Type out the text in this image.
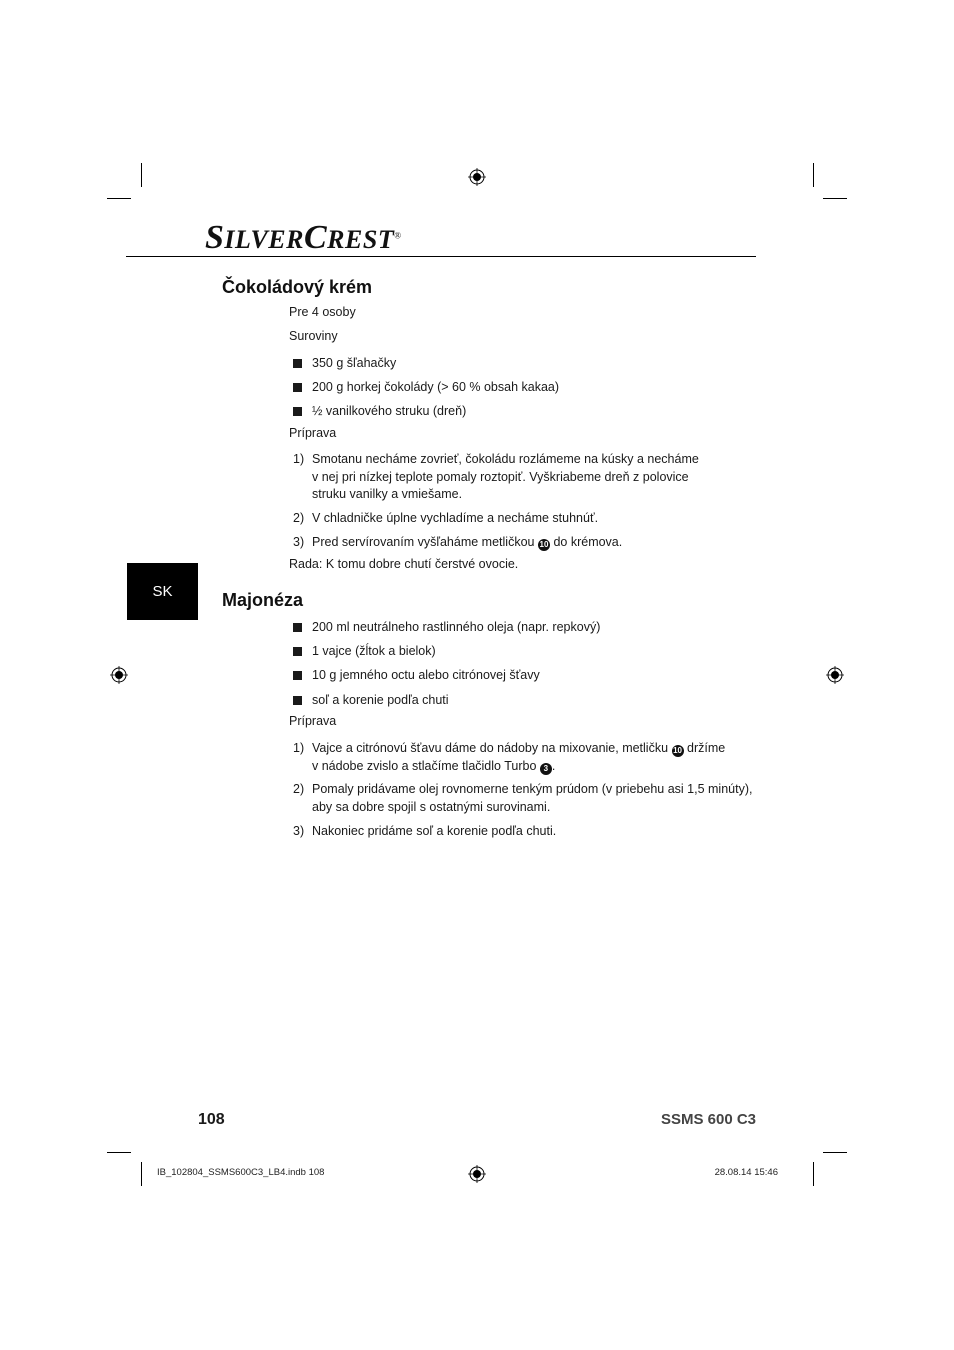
SILVERCREST®
SK
Čokoládový krém
Pre 4 osoby
Suroviny
350 g šľahačky
200 g horkej čokolády (> 60 % obsah kakaa)
½ vanilkového struku (dreň)
Príprava
1) Smotanu necháme zovrieť, čokoládu rozlámeme na kúsky a necháme
v nej pri nízkej teplote pomaly roztopiť. Vyškriabeme dreň z polovice
struku vanilky a vmiešame.
2) V chladničke úplne vychladíme a necháme stuhnúť.
3) Pred servírovaním vyšľaháme metličkou 10 do krémova.
Rada: K tomu dobre chutí čerstvé ovocie.
Majonéza
200 ml neutrálneho rastlinného oleja (napr. repkový)
1 vajce (žĺtok a bielok)
10 g jemného octu alebo citrónovej šťavy
soľ a korenie podľa chuti
Príprava
1) Vajce a citrónovú šťavu dáme do nádoby na mixovanie, metličku 10 držíme
v nádobe zvislo a stlačíme tlačidlo Turbo 3 .
2) Pomaly pridávame olej rovnomerne tenkým prúdom (v priebehu asi 1,5 minúty),
aby sa dobre spojil s ostatnými surovinami.
3) Nakoniec pridáme soľ a korenie podľa chuti.
108	SSMS 600 C3
IB_102804_SSMS600C3_LB4.indb 108	28.08.14 15:46
